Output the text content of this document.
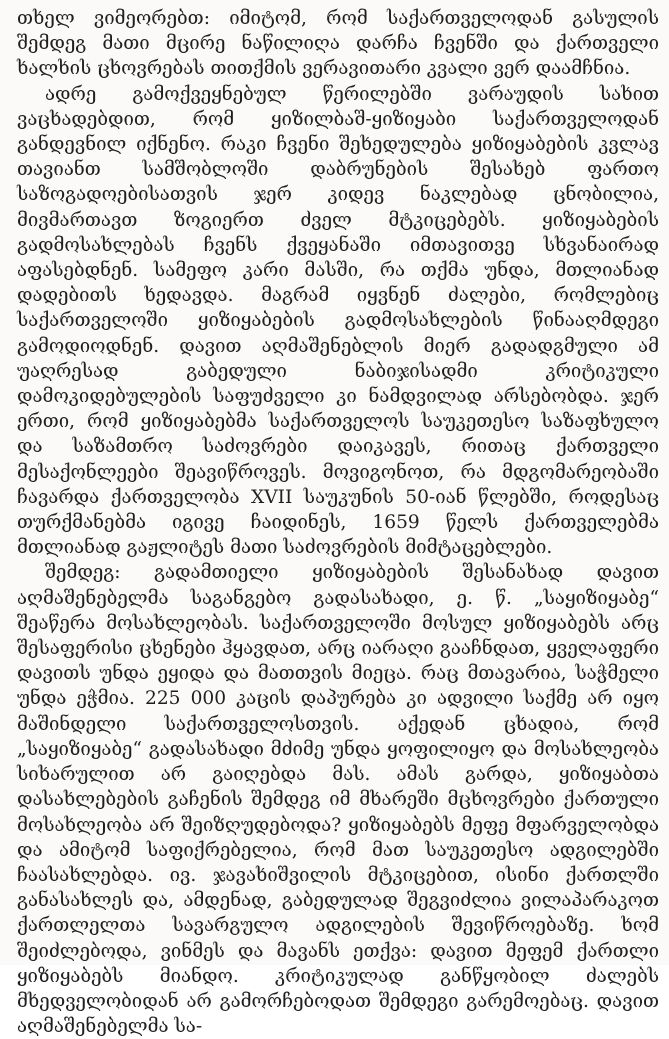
თხელ ვიმეორებთ: იმიტომ, რომ საქართველოდან გასულის შემდეგ მათი მცირე ნაწილიღა დარჩა ჩვენში და ქართველი ხალხის ცხოვრებას თითქმის ვერავითარი კვალი ვერ დაამჩნია.

ადრე გამოქვეყნებულ წერილებში ვარაუდის სახით ვაცხადებდით, რომ ყიზილბაშ-ყიზიყაბი საქართველოდან განდევნილ იქნენო. რაკი ჩვენი შეხედულება ყიზიყაბების კვლავ თავიანთ სამშობლოში დაბრუნების შესახებ ფართო საზოგადოებისათვის ჯერ კიდევ ნაკლებად ცნობილია, მივმართავთ ზოგიერთ ძველ მტკიცებებს. ყიზიყაბების გადმოსახლებას ჩვენს ქვეყანაში იმთავითვე სხვანაირად აფასებდნენ. სამეფო კარი მასში, რა თქმა უნდა, მთლიანად დადებითს ხედავდა. მაგრამ იყვნენ ძალები, რომლებიც საქართველოში ყიზიყაბების გადმოსახლების წინააღმდეგი გამოდიოდნენ. დავით აღმაშენებლის მიერ გადადგმული ამ უაღრესად გაბედული ნაბიჯისადმი კრიტიკული დამოკიდებულების საფუძველი კი ნამდვილად არსებობდა. ჯერ ერთი, რომ ყიზიყაბებმა საქართველოს საუკეთესო საზაფხულო და საზამთრო საძოვრები დაიკავეს, რითაც ქართველი მესაქონლეები შეავიწროვეს. მოვიგონოთ, რა მდგომარეობაში ჩავარდა ქართველობა XVII საუკუნის 50-იან წლებში, როდესაც თურქმანებმა იგივე ჩაიდინეს, 1659 წელს ქართველებმა მთლიანად გაჟლიტეს მათი საძოვრების მიმტაცებლები.

შემდეგ: გადამთიელი ყიზიყაბების შესანახად დავით აღმაშენებელმა საგანგებო გადასახადი, ე. წ. „საყიზიყაბე“ შეაწერა მოსახლეობას. საქართველოში მოსულ ყიზიყაბებს არც შესაფერისი ცხენები ჰყავდათ, არც იარაღი გააჩნდათ, ყველაფერი დავითს უნდა ეყიდა და მათთვის მიეცა. რაც მთავარია, საჭმელი უნდა ეჭმია. 225 000 კაცის დაპურება კი ადვილი საქმე არ იყო მაშინდელი საქართველოსთვის. აქედან ცხადია, რომ „საყიზიყაბე“ გადასახადი მძიმე უნდა ყოფილიყო და მოსახლეობა სიხარულით არ გაიღებდა მას. ამას გარდა, ყიზიყაბთა დასახლებების გაჩენის შემდეგ იმ მხარეში მცხოვრები ქართული მოსახლეობა არ შეიზღუდებოდა? ყიზიყაბებს მეფე მფარველობდა და ამიტომ საფიქრებელია, რომ მათ საუკეთესო ადგილებში ჩაასახლებდა. ივ. ჯავახიშვილის მტკიცებით, ისინი ქართლში განასახლეს და, ამდენად, გაბედულად შეგვიძლია ვილაპარაკოთ ქართლელთა სავარგულო ადგილების შევიწროებაზე. ხომ შეიძლებოდა, ვინმეს და მავანს ეთქვა: დავით მეფემ ქართლი ყიზიყაბებს მიანდო. კრიტიკულად განწყობილ ძალებს მხედველობიდან არ გამორჩებოდათ შემდეგი გარემოებაც. დავით აღმაშენებელმა სა-
